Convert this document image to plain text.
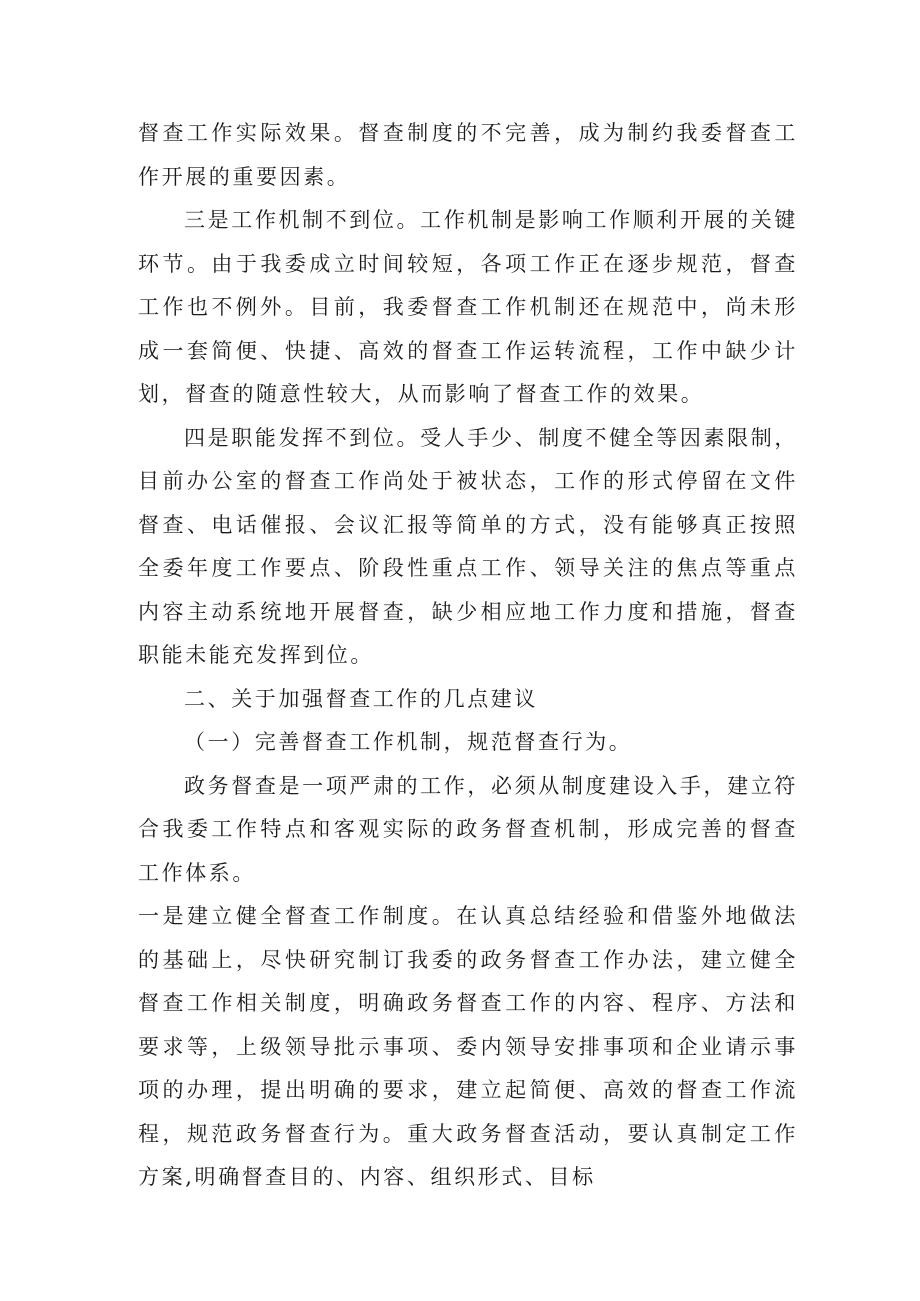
督查工作实际效果。督查制度的不完善，成为制约我委督查工作开展的重要因素。

三是工作机制不到位。工作机制是影响工作顺利开展的关键环节。由于我委成立时间较短，各项工作正在逐步规范，督查工作也不例外。目前，我委督查工作机制还在规范中，尚未形成一套简便、快捷、高效的督查工作运转流程，工作中缺少计划，督查的随意性较大，从而影响了督查工作的效果。

四是职能发挥不到位。受人手少、制度不健全等因素限制，目前办公室的督查工作尚处于被状态，工作的形式停留在文件督查、电话催报、会议汇报等简单的方式，没有能够真正按照全委年度工作要点、阶段性重点工作、领导关注的焦点等重点内容主动系统地开展督查，缺少相应地工作力度和措施，督查职能未能充发挥到位。

二、关于加强督查工作的几点建议

（一）完善督查工作机制，规范督查行为。

政务督查是一项严肃的工作，必须从制度建设入手，建立符合我委工作特点和客观实际的政务督查机制，形成完善的督查工作体系。

一是建立健全督查工作制度。在认真总结经验和借鉴外地做法的基础上，尽快研究制订我委的政务督查工作办法，建立健全督查工作相关制度，明确政务督查工作的内容、程序、方法和要求等，上级领导批示事项、委内领导安排事项和企业请示事项的办理，提出明确的要求，建立起简便、高效的督查工作流程，规范政务督查行为。重大政务督查活动，要认真制定工作方案,明确督查目的、内容、组织形式、目标
